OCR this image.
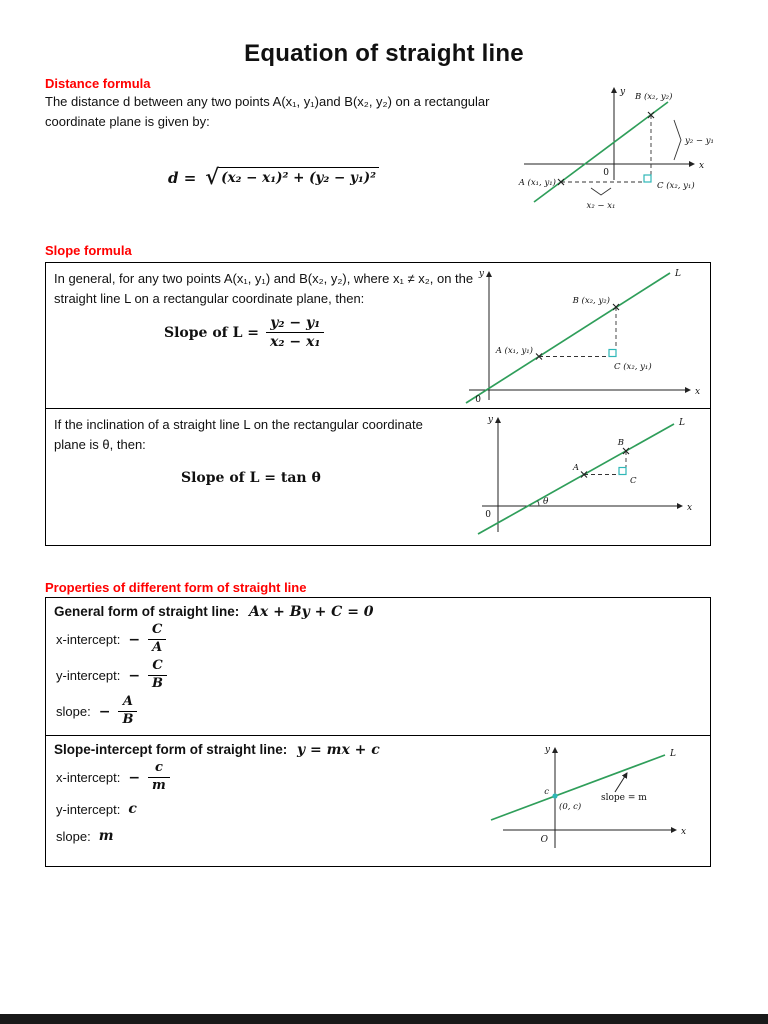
Equation of straight line
Distance formula
The distance d between any two points A(x₁, y₁)and B(x₂, y₂) on a rectangular coordinate plane is given by:
d = √ (x₂ − x₁)² + (y₂ − y₁)²
y
x
0
B (x₂, y₂)
A (x₁, y₁)	C (x₂, y₁)
y₂ − y₁
x₂ − x₁
Slope formula
In general, for any two points A(x₁, y₁) and B(x₂, y₂), where x₁ ≠ x₂, on the straight line L on a rectangular coordinate plane, then:
Slope of $L = \frac{\text{y₂ − y₁}}{\text{x₂ − x₁}}$
y
x
0
L
B (x₂, y₂)
A (x₁, y₁)
C (x₂, y₁)
If the inclination of a straight line L on the rectangular coordinate plane is θ, then:
Slope of L = tan θ
y
x
0
L
θ
A
B
C
Properties of different form of straight line
General form of straight line: Ax + By + C = 0
x-intercept: − $\frac{C}{A}$
y-intercept: − $\frac{C}{B}$
slope: − $\frac{A}{B}$
Slope-intercept form of straight line: y = mx + c
x-intercept: − $\frac{c}{m}$
y-intercept: c
slope: m
y
x
O
L
c
(0, c)
slope = m
